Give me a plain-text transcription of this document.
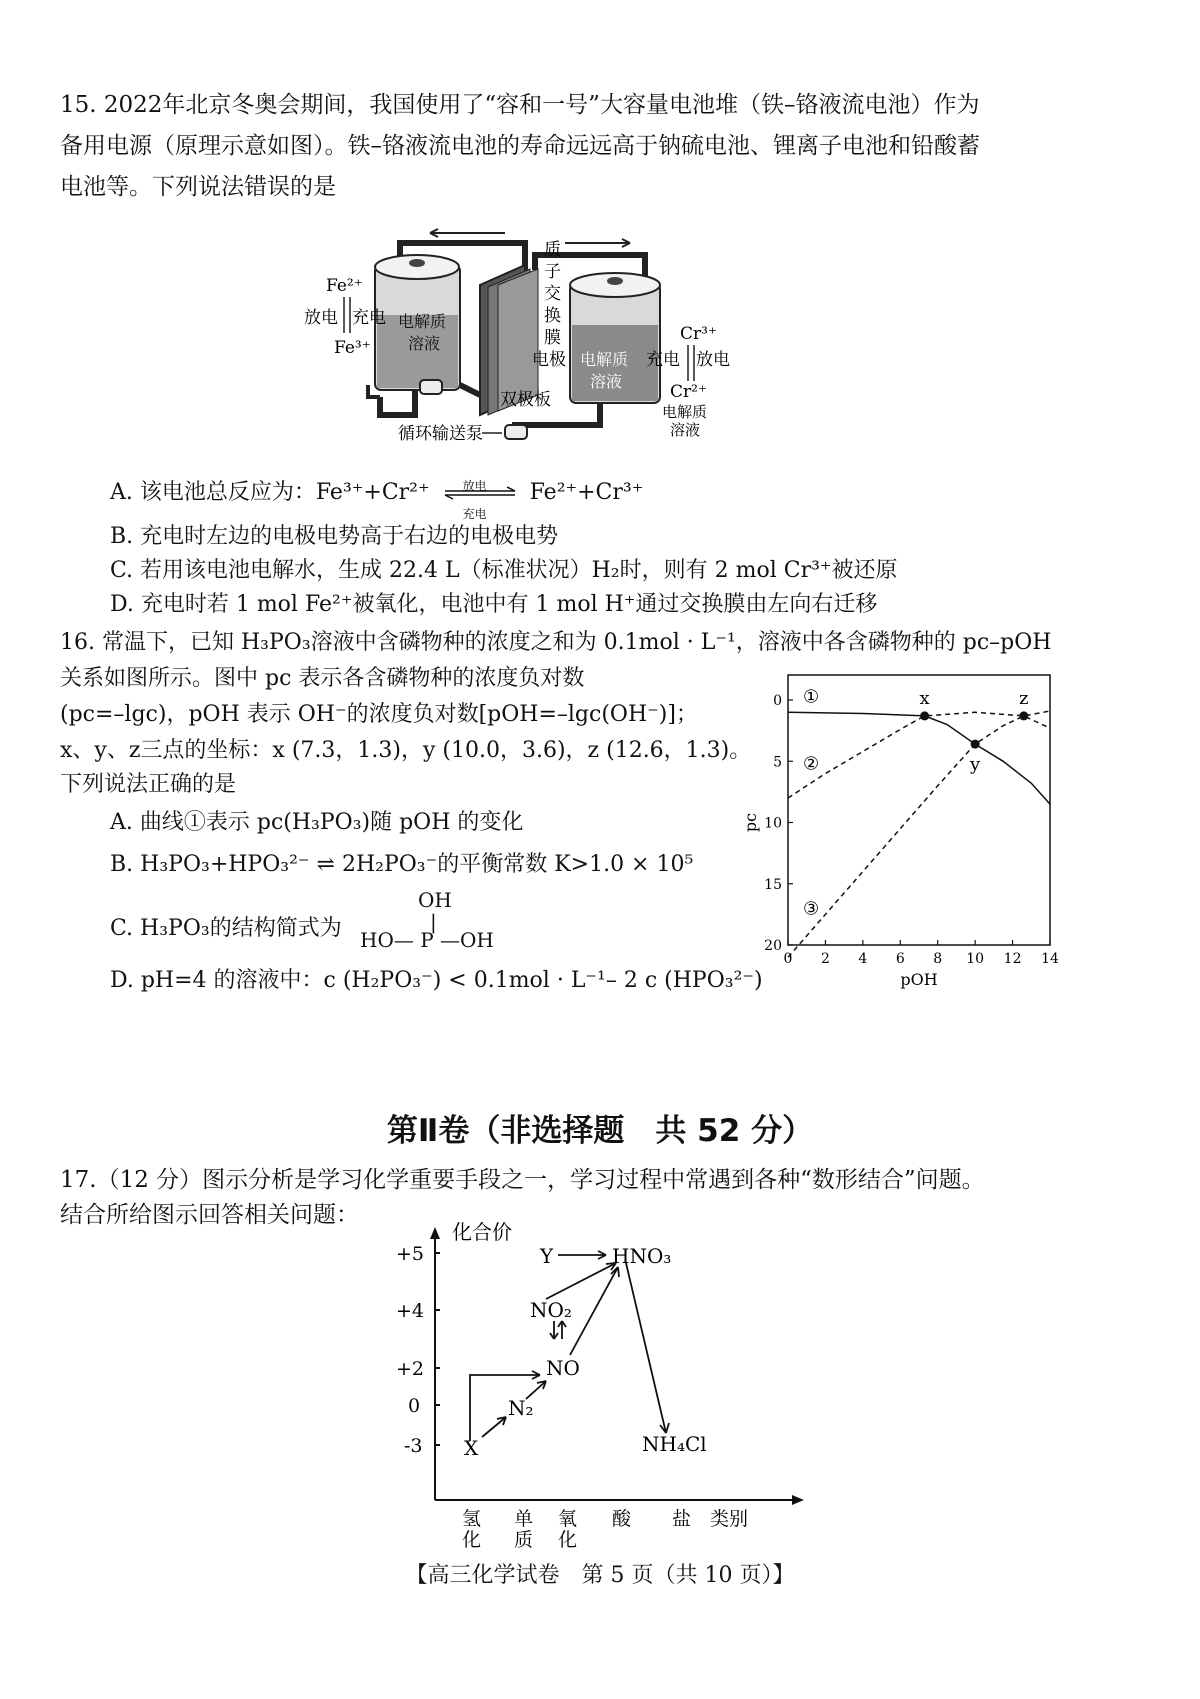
15. 2022年北京冬奥会期间，我国使用了“容和一号”大容量电池堆（铁–铬液流电池）作为
备用电源（原理示意如图）。铁–铬液流电池的寿命远远高于钠硫电池、锂离子电池和铅酸蓄
电池等。下列说法错误的是
Fe²⁺
放电 充电
Fe³⁺
电解质
溶液
质
子
交
换
膜
电极
双极板
电解质
溶液
循环输送泵
Cr³⁺
充电 放电
Cr²⁺
电解质
溶液
A. 该电池总反应为：Fe³⁺+Cr²⁺	放电
充电
Fe²⁺+Cr³⁺
B. 充电时左边的电极电势高于右边的电极电势
C. 若用该电池电解水，生成 22.4 L（标准状况）H₂时，则有 2 mol Cr³⁺被还原
D. 充电时若 1 mol Fe²⁺被氧化，电池中有 1 mol H⁺通过交换膜由左向右迁移
16. 常温下，已知 H₃PO₃溶液中含磷物种的浓度之和为 0.1mol · L⁻¹，溶液中各含磷物种的 pc–pOH
关系如图所示。图中 pc 表示各含磷物种的浓度负对数
(pc=–lgc)，pOH 表示 OH⁻的浓度负对数[pOH=–lgc(OH⁻)]；
x、y、z三点的坐标：x (7.3，1.3)，y (10.0，3.6)，z (12.6，1.3)。
下列说法正确的是
A. 曲线①表示 pc(H₃PO₃)随 pOH 的变化
B. H₃PO₃+HPO₃²⁻ ⇌ 2H₂PO₃⁻的平衡常数 K>1.0 × 10⁵
C. H₃PO₃的结构简式为
OH
|
HO— P —OH
D. pH=4 的溶液中：c (H₂PO₃⁻) < 0.1mol · L⁻¹– 2 c (HPO₃²⁻)
0 2 4 6 8 10 12 14
0
5
10
15
20
pOH
pc
①
②
③
x
y
z
第Ⅱ卷（非选择题　共 52 分）
17.（12 分）图示分析是学习化学重要手段之一，学习过程中常遇到各种“数形结合”问题。
结合所给图示回答相关问题：
化合价
+5
+4
+2
0
-3
氢
化
单
质
氧
化
酸 盐 类别
Y	HNO₃
NO₂
NO
N₂
X	NH₄Cl
【高三化学试卷　第 5 页（共 10 页）】
